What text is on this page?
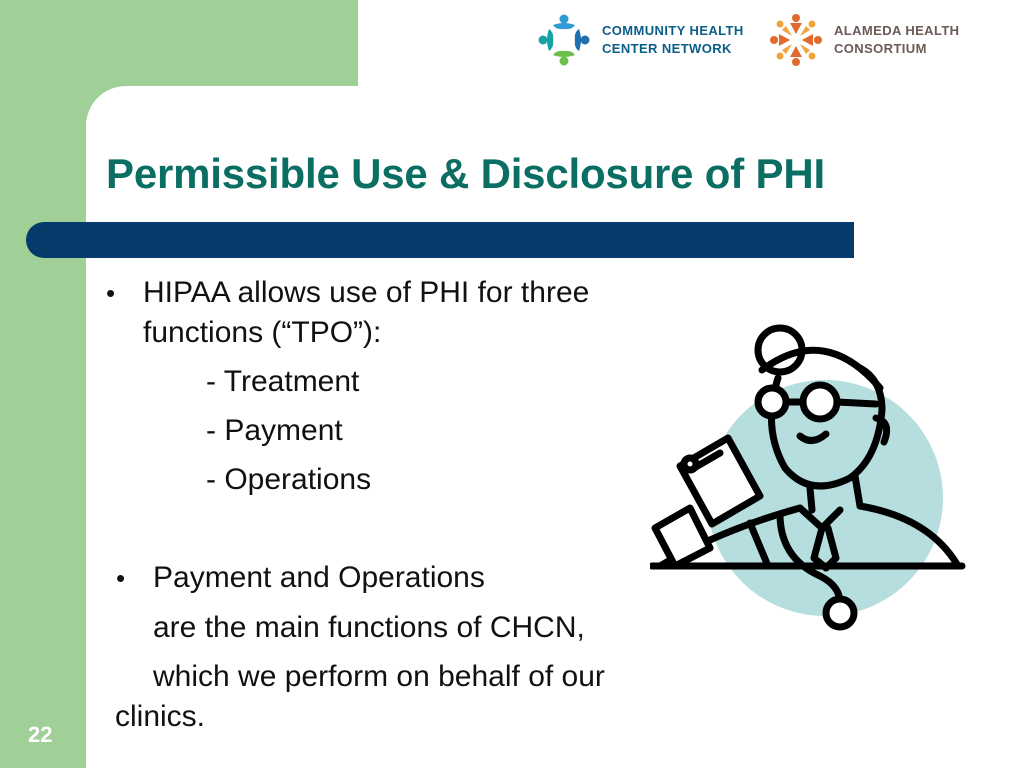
COMMUNITY HEALTH
CENTER NETWORK
ALAMEDA HEALTH
CONSORTIUM
Permissible Use & Disclosure of PHI
• HIPAA allows use of PHI for three
functions (“TPO”):
- Treatment
- Payment
- Operations
• Payment and Operations
are the main functions of CHCN,
which we perform on behalf of our
clinics.
22
